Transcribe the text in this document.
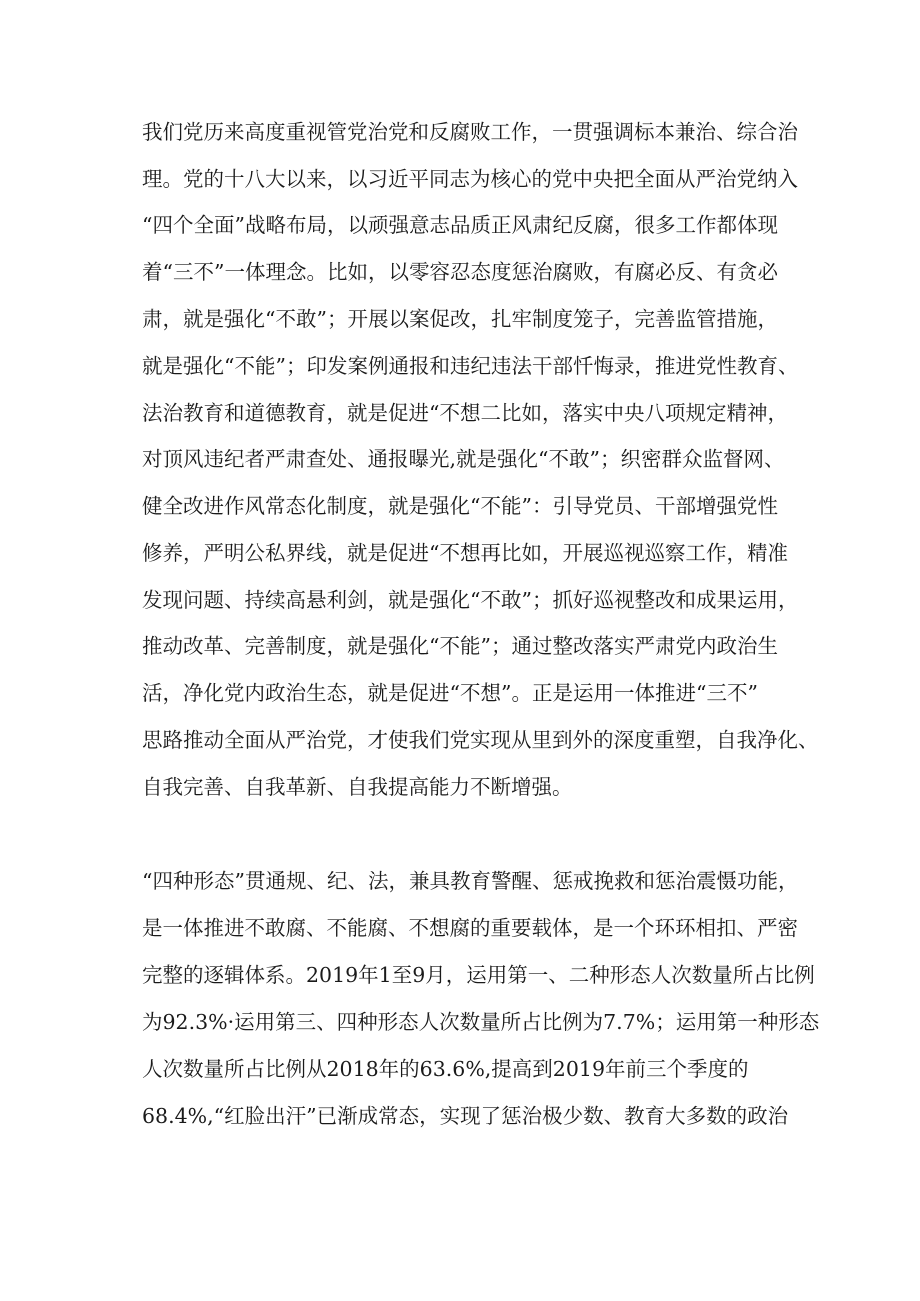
我们党历来高度重视管党治党和反腐败工作，一贯强调标本兼治、综合治
理。党的十八大以来，以习近平同志为核心的党中央把全面从严治党纳入
“四个全面”战略布局，以顽强意志品质正风肃纪反腐，很多工作都体现
着“三不”一体理念。比如，以零容忍态度惩治腐败，有腐必反、有贪必
肃，就是强化“不敢”；开展以案促改，扎牢制度笼子，完善监管措施，
就是强化“不能”；印发案例通报和违纪违法干部忏悔录，推进党性教育、
法治教育和道德教育，就是促进“不想二比如，落实中央八项规定精神，
对顶风违纪者严肃查处、通报曝光,就是强化“不敢”；织密群众监督网、
健全改进作风常态化制度，就是强化“不能”：引导党员、干部增强党性
修养，严明公私界线，就是促进“不想再比如，开展巡视巡察工作，精准
发现问题、持续高悬利剑，就是强化“不敢”；抓好巡视整改和成果运用，
推动改革、完善制度，就是强化“不能”；通过整改落实严肃党内政治生
活，净化党内政治生态，就是促进“不想”。正是运用一体推进“三不”
思路推动全面从严治党，才使我们党实现从里到外的深度重塑，自我净化、
自我完善、自我革新、自我提高能力不断增强。
“四种形态”贯通规、纪、法，兼具教育警醒、惩戒挽救和惩治震慑功能，
是一体推进不敢腐、不能腐、不想腐的重要载体，是一个环环相扣、严密
完整的逐辑体系。2019年1至9月，运用第一、二种形态人次数量所占比例
为92.3%·运用第三、四种形态人次数量所占比例为7.7%；运用第一种形态
人次数量所占比例从2018年的63.6%,提高到2019年前三个季度的
68.4%,“红脸出汗”已渐成常态，实现了惩治极少数、教育大多数的政治
